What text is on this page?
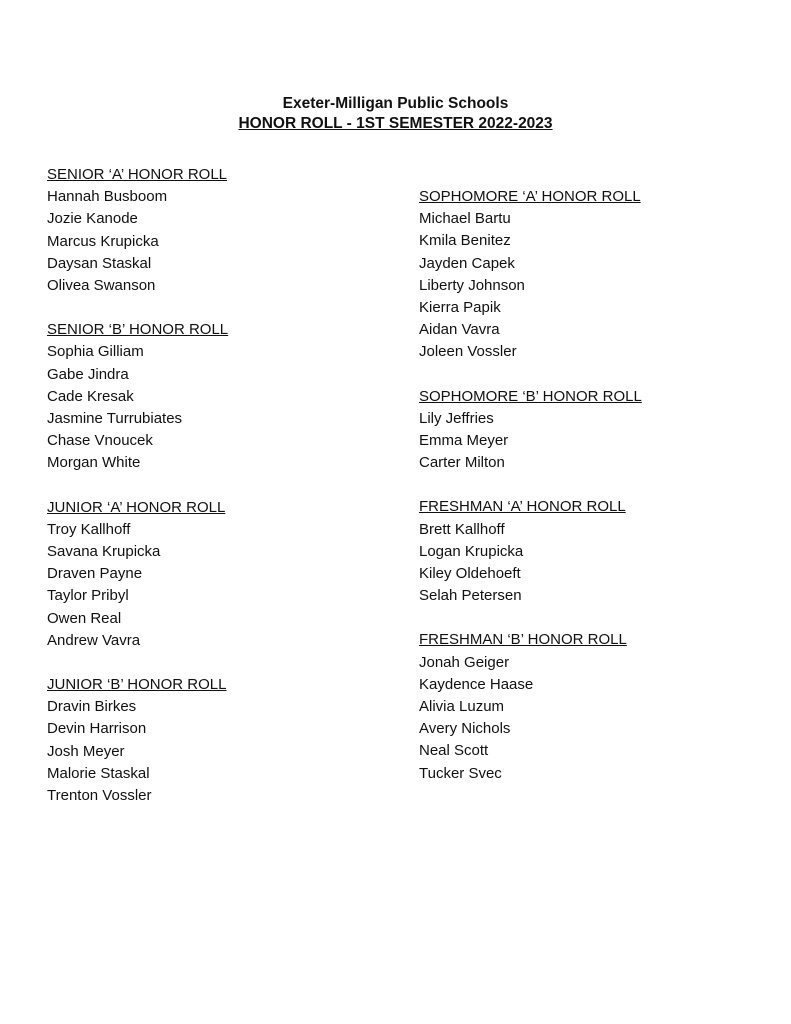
Exeter-Milligan Public Schools
HONOR ROLL - 1ST SEMESTER 2022-2023
SENIOR ‘A’ HONOR ROLL
Hannah Busboom
Jozie Kanode
Marcus Krupicka
Daysan Staskal
Olivea Swanson
SENIOR ‘B’ HONOR ROLL
Sophia Gilliam
Gabe Jindra
Cade Kresak
Jasmine Turrubiates
Chase Vnoucek
Morgan White
JUNIOR ‘A’ HONOR ROLL
Troy Kallhoff
Savana Krupicka
Draven Payne
Taylor Pribyl
Owen Real
Andrew Vavra
JUNIOR ‘B’ HONOR ROLL
Dravin Birkes
Devin Harrison
Josh Meyer
Malorie Staskal
Trenton Vossler
SOPHOMORE ‘A’ HONOR ROLL
Michael Bartu
Kmila Benitez
Jayden Capek
Liberty Johnson
Kierra Papik
Aidan Vavra
Joleen Vossler
SOPHOMORE ‘B’ HONOR ROLL
Lily Jeffries
Emma Meyer
Carter Milton
FRESHMAN ‘A’ HONOR ROLL
Brett Kallhoff
Logan Krupicka
Kiley Oldehoeft
Selah Petersen
FRESHMAN ‘B’ HONOR ROLL
Jonah Geiger
Kaydence Haase
Alivia Luzum
Avery Nichols
Neal Scott
Tucker Svec
